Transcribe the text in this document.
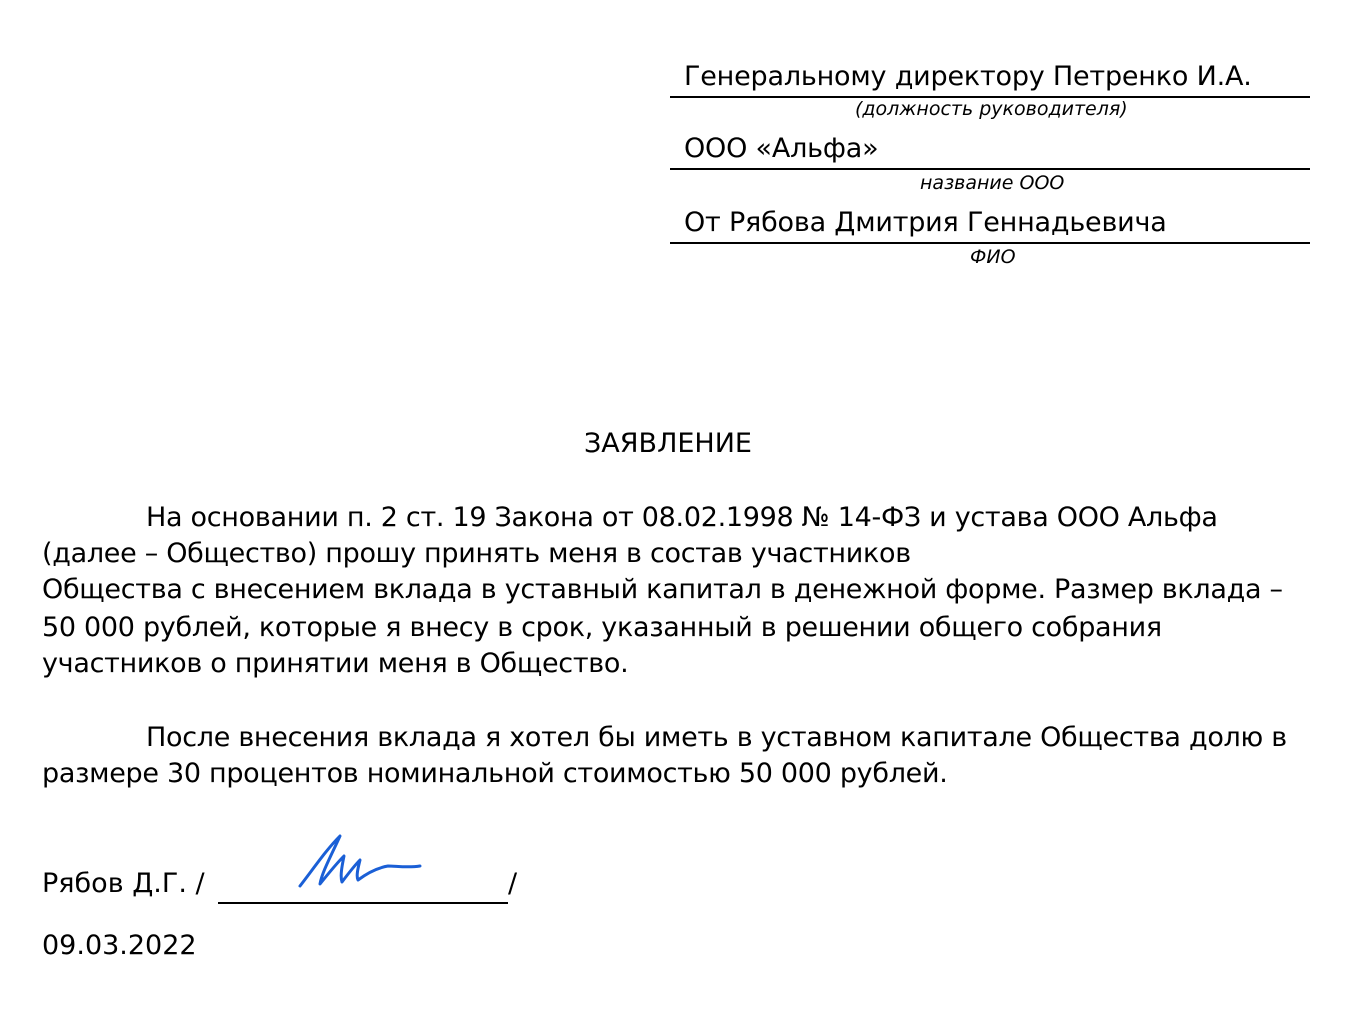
Генеральному директору Петренко И.А.
(должность руководителя)
ООО «Альфа»
название ООО
От Рябова Дмитрия Геннадьевича
ФИО
ЗАЯВЛЕНИЕ
На основании п. 2 ст. 19 Закона от 08.02.1998 № 14-ФЗ и устава ООО Альфа
(далее – Общество) прошу принять меня в состав участников
Общества с внесением вклада в уставный капитал в денежной форме. Размер вклада –
50 000 рублей, которые я внесу в срок, указанный в решении общего собрания
участников о принятии меня в Общество.
После внесения вклада я хотел бы иметь в уставном капитале Общества долю в
размере 30 процентов номинальной стоимостью 50 000 рублей.
Рябов Д.Г. /	/
09.03.2022
